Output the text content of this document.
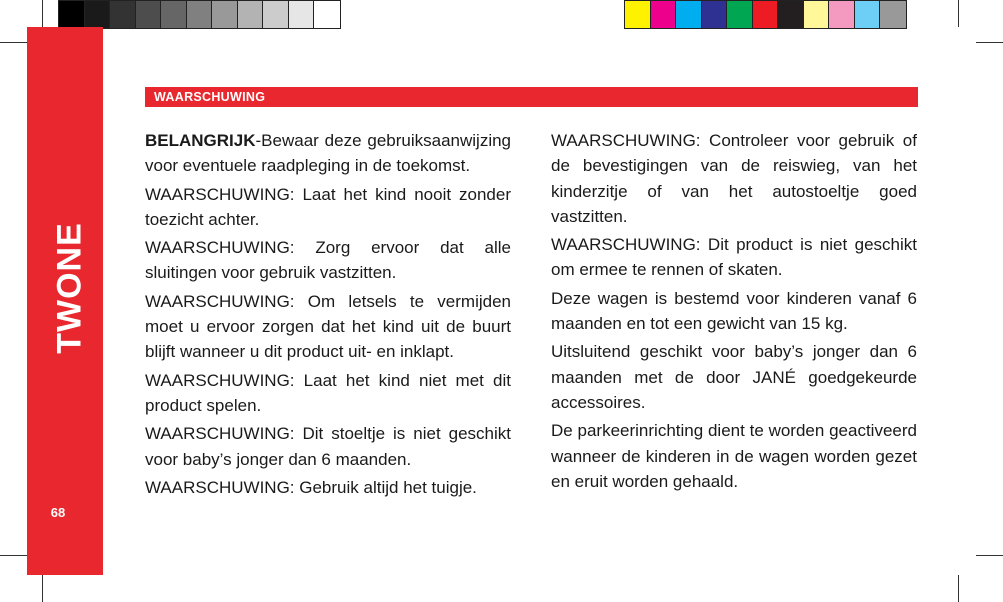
TWONE
68
WAARSCHUWING

BELANGRIJK-Bewaar deze gebruiksaanwijzing voor eventuele raadpleging in de toekomst.

WAARSCHUWING: Laat het kind nooit zonder toezicht achter.

WAARSCHUWING: Zorg ervoor dat alle sluitingen voor gebruik vastzitten.

WAARSCHUWING: Om letsels te vermijden moet u ervoor zorgen dat het kind uit de buurt blijft wanneer u dit product uit- en inklapt.

WAARSCHUWING: Laat het kind niet met dit product spelen.

WAARSCHUWING: Dit stoeltje is niet geschikt voor baby’s jonger dan 6 maanden.

WAARSCHUWING: Gebruik altijd het tuigje.

WAARSCHUWING: Controleer voor gebruik of de bevestigingen van de reiswieg, van het kinderzitje of van het autostoeltje goed vastzitten.

WAARSCHUWING: Dit product is niet geschikt om ermee te rennen of skaten.

Deze wagen is bestemd voor kinderen vanaf 6 maanden en tot een gewicht van 15 kg.

Uitsluitend geschikt voor baby’s jonger dan 6 maanden met de door JANÉ goedgekeurde accessoires.

De parkeerinrichting dient te worden geactiveerd wanneer de kinderen in de wagen worden gezet en eruit worden gehaald.
